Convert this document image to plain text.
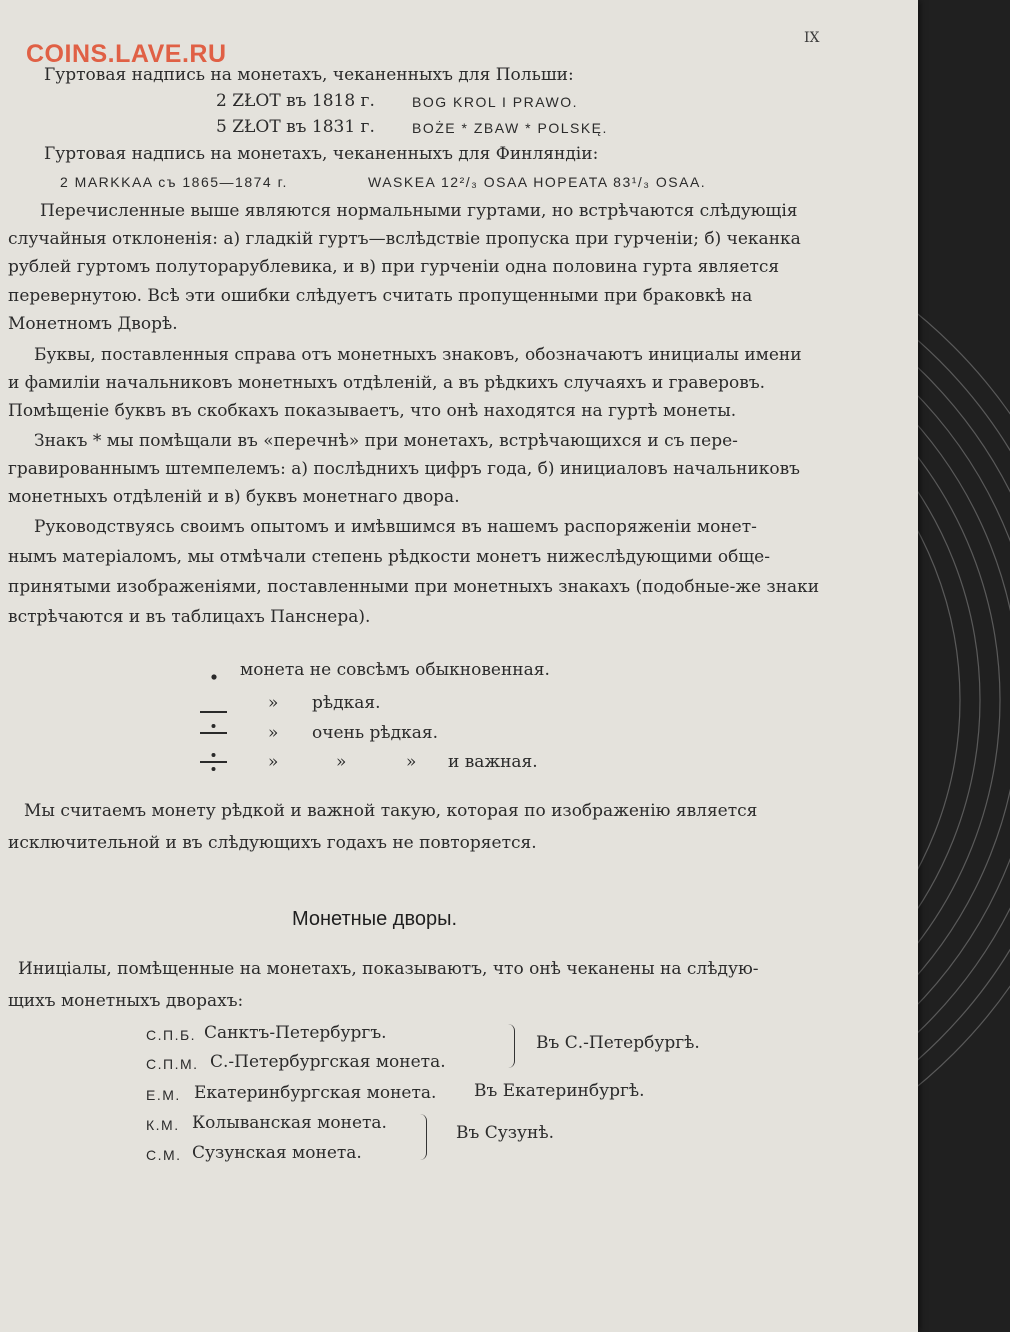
COINS.LAVE.RU
IX
Гуртовая надпись на монетахъ, чеканенныхъ для Польши:
2 ZŁOT въ 1818 г.	BOG KROL I PRAWO.
5 ZŁOT въ 1831 г.	BOŻE * ZBAW * POLSKĘ.
Гуртовая надпись на монетахъ, чеканенныхъ для Финляндіи:
2 MARKKAA съ 1865—1874 г.	WASKEA 12²/₃ OSAA HOPEATA 83¹/₃ OSAA.
Перечисленные выше являются нормальными гуртами, но встрѣчаются слѣдующія
случайныя отклоненія: а) гладкій гуртъ—вслѣдствіе пропуска при гурченіи; б) чеканка
рублей гуртомъ полуторарублевика, и в) при гурченіи одна половина гурта является
перевернутою. Всѣ эти ошибки слѣдуетъ считать пропущенными при браковкѣ на
Монетномъ Дворѣ.
Буквы, поставленныя справа отъ монетныхъ знаковъ, обозначаютъ инициалы имени
и фамиліи начальниковъ монетныхъ отдѣленій, а въ рѣдкихъ случаяхъ и граверовъ.
Помѣщеніе буквъ въ скобкахъ показываетъ, что онѣ находятся на гуртѣ монеты.
Знакъ * мы помѣщали въ «перечнѣ» при монетахъ, встрѣчающихся и съ пере-
гравированнымъ штемпелемъ: а) послѣднихъ цифръ года, б) инициаловъ начальниковъ
монетныхъ отдѣленій и в) буквъ монетнаго двора.
Руководствуясь своимъ опытомъ и имѣвшимся въ нашемъ распоряженіи монет-
нымъ матеріаломъ, мы отмѣчали степень рѣдкости монетъ нижеслѣдующими обще-
принятыми изображеніями, поставленными при монетныхъ знакахъ (подобные-же знаки
встрѣчаются и въ таблицахъ Панснера).
монета не совсѣмъ обыкновенная.
» рѣдкая.
» очень рѣдкая.
»	»	» и важная.
Мы считаемъ монету рѣдкой и важной такую, которая по изображенію является
исключительной и въ слѣдующихъ годахъ не повторяется.
Монетные дворы.
Иницiалы, помѣщенные на монетахъ, показываютъ, что онѣ чеканены на слѣдую-
щихъ монетныхъ дворахъ:
С.П.Б. Санктъ-Петербургъ.
С.П.М. С.-Петербургская монета.
Въ С.-Петербургѣ.
Е.М. Екатеринбургская монета. Въ Екатеринбургѣ.
К.М. Колыванская монета.
С.М. Сузунская монета.
Въ Сузунѣ.
